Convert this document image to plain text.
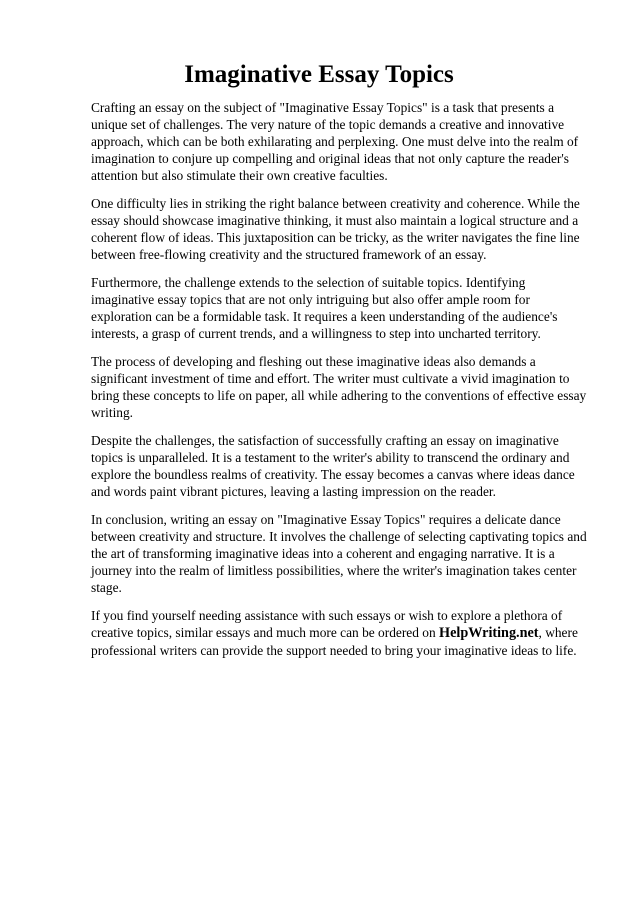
Imaginative Essay Topics

Crafting an essay on the subject of "Imaginative Essay Topics" is a task that presents a unique set of challenges. The very nature of the topic demands a creative and innovative approach, which can be both exhilarating and perplexing. One must delve into the realm of imagination to conjure up compelling and original ideas that not only capture the reader's attention but also stimulate their own creative faculties.

One difficulty lies in striking the right balance between creativity and coherence. While the essay should showcase imaginative thinking, it must also maintain a logical structure and a coherent flow of ideas. This juxtaposition can be tricky, as the writer navigates the fine line between free-flowing creativity and the structured framework of an essay.

Furthermore, the challenge extends to the selection of suitable topics. Identifying imaginative essay topics that are not only intriguing but also offer ample room for exploration can be a formidable task. It requires a keen understanding of the audience's interests, a grasp of current trends, and a willingness to step into uncharted territory.

The process of developing and fleshing out these imaginative ideas also demands a significant investment of time and effort. The writer must cultivate a vivid imagination to bring these concepts to life on paper, all while adhering to the conventions of effective essay writing.

Despite the challenges, the satisfaction of successfully crafting an essay on imaginative topics is unparalleled. It is a testament to the writer's ability to transcend the ordinary and explore the boundless realms of creativity. The essay becomes a canvas where ideas dance and words paint vibrant pictures, leaving a lasting impression on the reader.

In conclusion, writing an essay on "Imaginative Essay Topics" requires a delicate dance between creativity and structure. It involves the challenge of selecting captivating topics and the art of transforming imaginative ideas into a coherent and engaging narrative. It is a journey into the realm of limitless possibilities, where the writer's imagination takes center stage.

If you find yourself needing assistance with such essays or wish to explore a plethora of creative topics, similar essays and much more can be ordered on HelpWriting.net, where professional writers can provide the support needed to bring your imaginative ideas to life.
